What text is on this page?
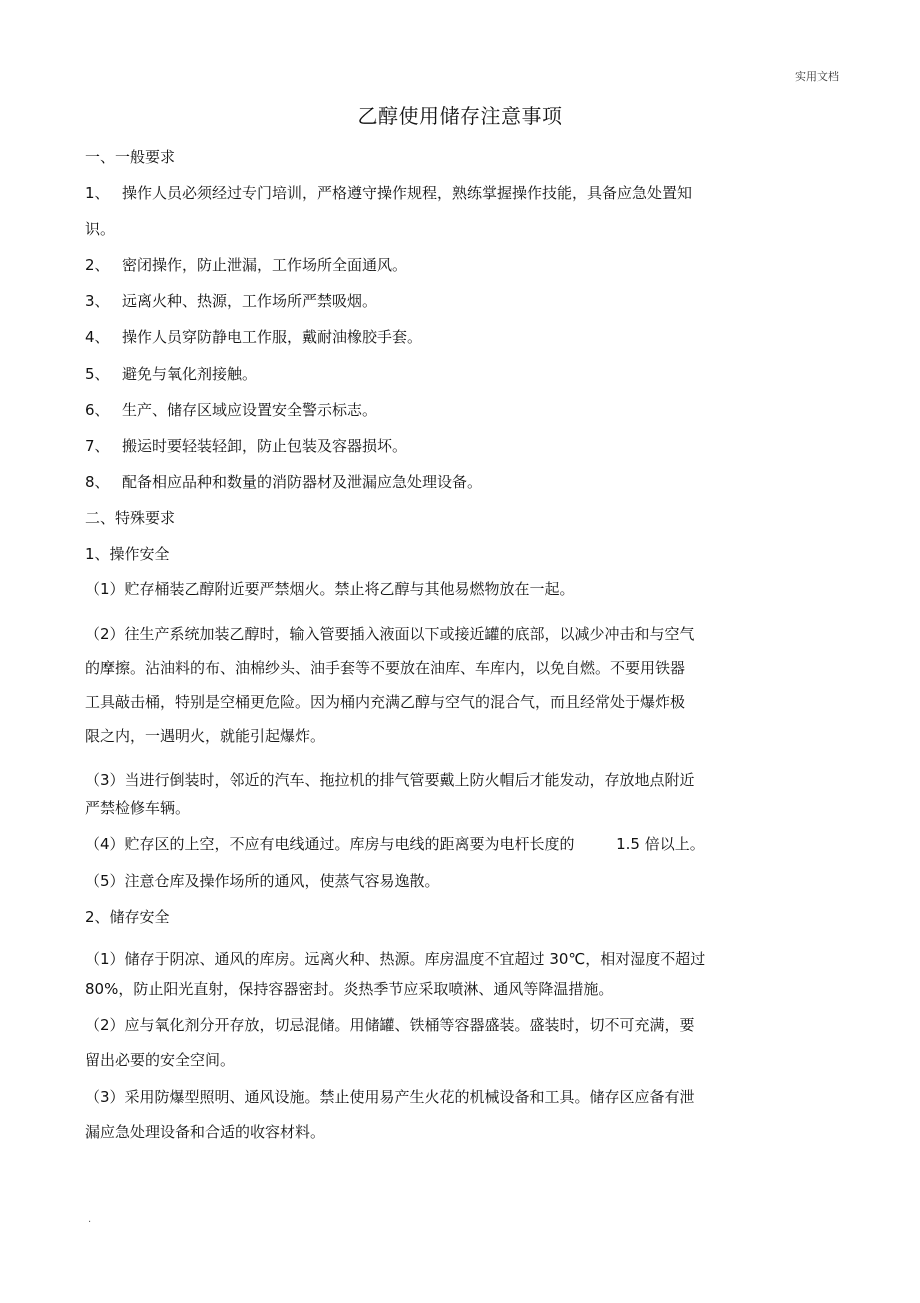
实用文档
乙醇使用储存注意事项
一、一般要求
1、 操作人员必须经过专门培训，严格遵守操作规程，熟练掌握操作技能，具备应急处置知
识。
2、 密闭操作，防止泄漏，工作场所全面通风。
3、 远离火种、热源，工作场所严禁吸烟。
4、 操作人员穿防静电工作服，戴耐油橡胶手套。
5、 避免与氧化剂接触。
6、 生产、储存区域应设置安全警示标志。
7、 搬运时要轻装轻卸，防止包装及容器损坏。
8、 配备相应品种和数量的消防器材及泄漏应急处理设备。
二、特殊要求
1、操作安全
（1）贮存桶装乙醇附近要严禁烟火。禁止将乙醇与其他易燃物放在一起。
（2）往生产系统加装乙醇时，输入管要插入液面以下或接近罐的底部，以减少冲击和与空气
的摩擦。沾油料的布、油棉纱头、油手套等不要放在油库、车库内，以免自燃。不要用铁器
工具敲击桶，特别是空桶更危险。因为桶内充满乙醇与空气的混合气，而且经常处于爆炸极
限之内，一遇明火，就能引起爆炸。
（3）当进行倒装时，邻近的汽车、拖拉机的排气管要戴上防火帽后才能发动，存放地点附近
严禁检修车辆。
（4）贮存区的上空，不应有电线通过。库房与电线的距离要为电杆长度的	1.5 倍以上。
（5）注意仓库及操作场所的通风，使蒸气容易逸散。
2、储存安全
（1）储存于阴凉、通风的库房。远离火种、热源。库房温度不宜超过 30℃，相对湿度不超过
80%，防止阳光直射，保持容器密封。炎热季节应采取喷淋、通风等降温措施。
（2）应与氧化剂分开存放，切忌混储。用储罐、铁桶等容器盛装。盛装时，切不可充满，要
留出必要的安全空间。
（3）采用防爆型照明、通风设施。禁止使用易产生火花的机械设备和工具。储存区应备有泄
漏应急处理设备和合适的收容材料。
.
